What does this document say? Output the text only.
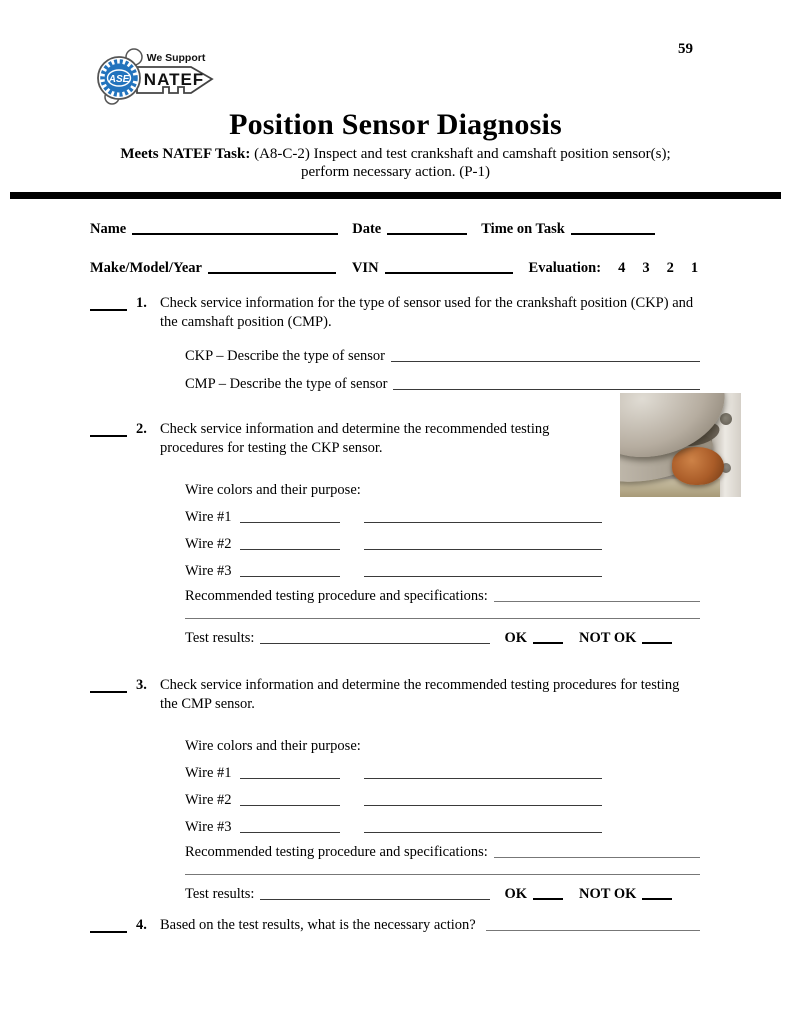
59
ASE
We Support
NATEF
Position Sensor Diagnosis
Meets NATEF Task: (A8-C-2) Inspect and test crankshaft and camshaft position sensor(s);
perform necessary action. (P-1)
Name	Date	Time on Task
Make/Model/Year	VIN	Evaluation: 4 3 2 1
1. Check service information for the type of sensor used for the crankshaft position (CKP) and the camshaft position (CMP).
CKP – Describe the type of sensor
CMP – Describe the type of sensor
2. Check service information and determine the recommended testing procedures for testing the CKP sensor.
Wire colors and their purpose:
Wire #1
Wire #2
Wire #3
Recommended testing procedure and specifications:
Test results:	OK	NOT OK
3. Check service information and determine the recommended testing procedures for testing the CMP sensor.
Wire colors and their purpose:
Wire #1
Wire #2
Wire #3
Recommended testing procedure and specifications:
Test results:	OK	NOT OK
4. Based on the test results, what is the necessary action?
